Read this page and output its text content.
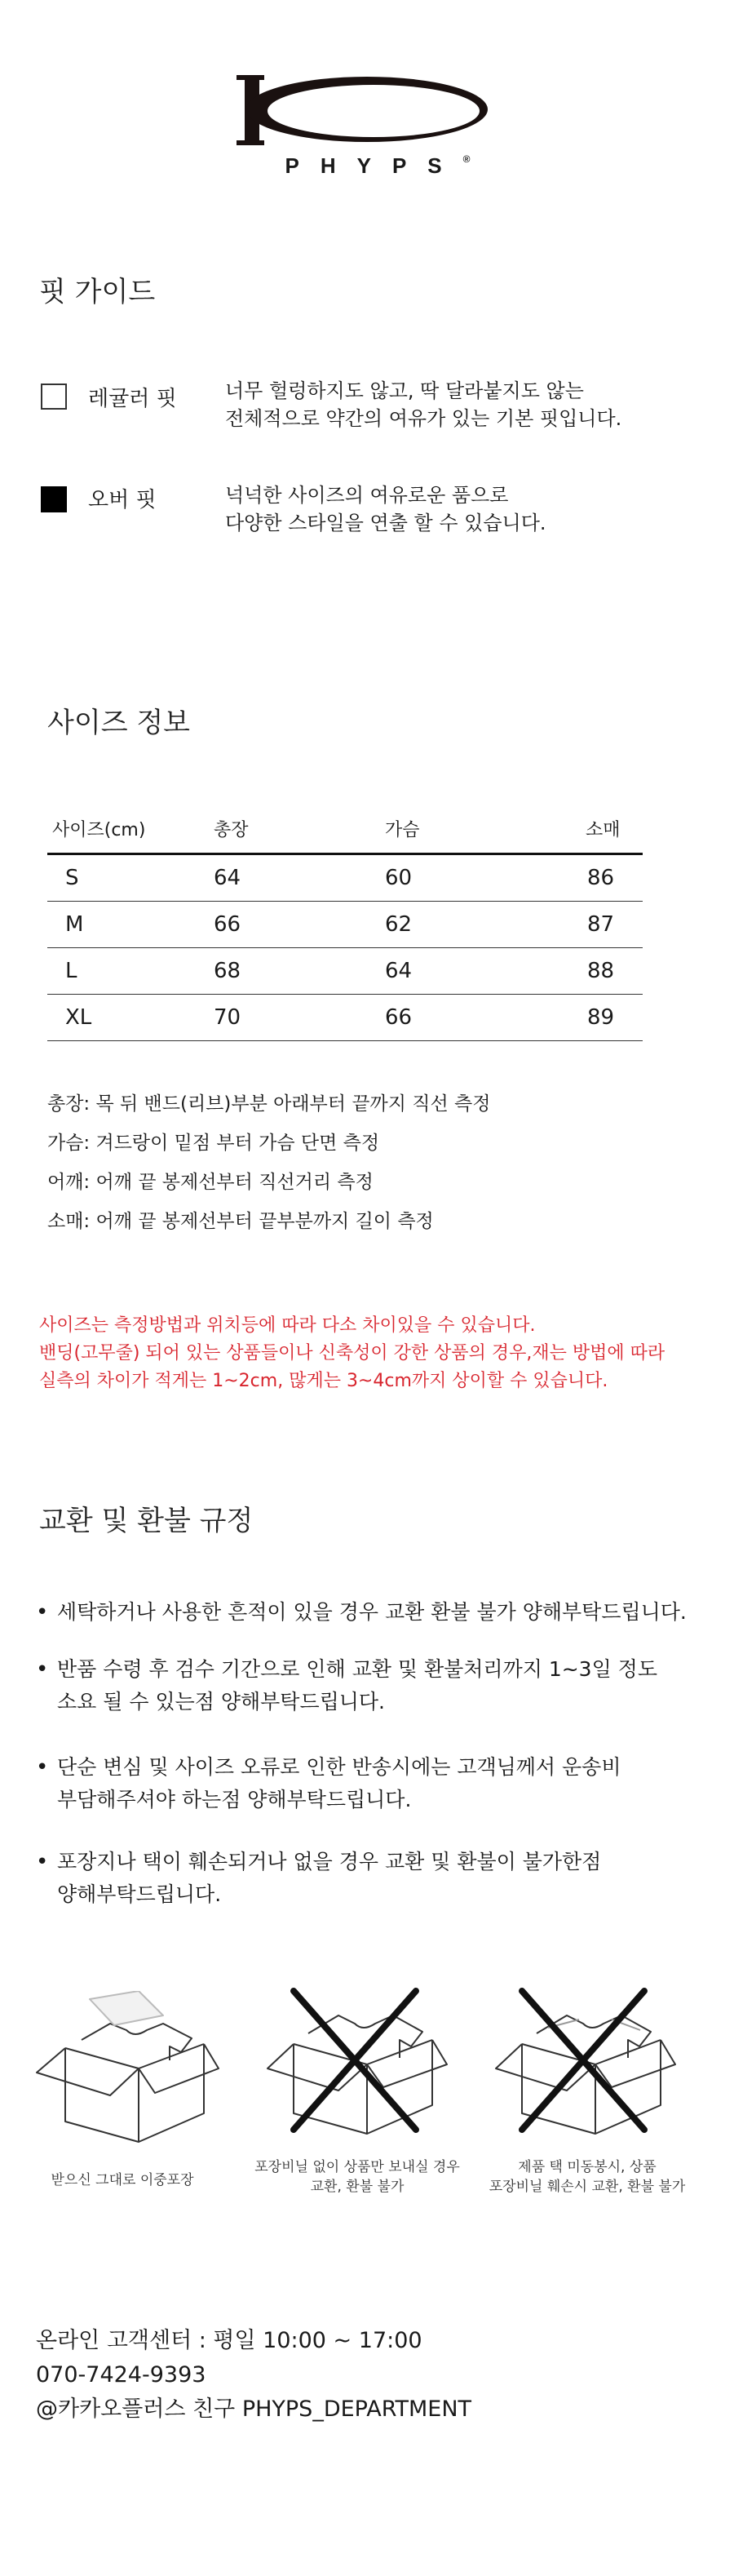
PHYPS®
핏 가이드
레귤러 핏 너무 헐렁하지도 않고, 딱 달라붙지도 않는
전체적으로 약간의 여유가 있는 기본 핏입니다.
오버 핏	넉넉한 사이즈의 여유로운 품으로
다양한 스타일을 연출 할 수 있습니다.
사이즈 정보
사이즈(cm)	총장	가슴	소매
S	64	60	86
M	66	62	87
L	68	64	88
XL	70	66	89
총장: 목 뒤 밴드(리브)부분 아래부터 끝까지 직선 측정
가슴: 겨드랑이 밑점 부터 가슴 단면 측정
어깨: 어깨 끝 봉제선부터 직선거리 측정
소매: 어깨 끝 봉제선부터 끝부분까지 길이 측정
사이즈는 측정방법과 위치등에 따라 다소 차이있을 수 있습니다.
밴딩(고무줄) 되어 있는 상품들이나 신축성이 강한 상품의 경우,재는 방법에 따라
실측의 차이가 적게는 1~2cm, 많게는 3~4cm까지 상이할 수 있습니다.
교환 및 환불 규정
• 세탁하거나 사용한 흔적이 있을 경우 교환 환불 불가 양해부탁드립니다.
• 반품 수령 후 검수 기간으로 인해 교환 및 환불처리까지 1~3일 정도
소요 될 수 있는점 양해부탁드립니다.
• 단순 변심 및 사이즈 오류로 인한 반송시에는 고객님께서 운송비
부담해주셔야 하는점 양해부탁드립니다.
• 포장지나 택이 훼손되거나 없을 경우 교환 및 환불이 불가한점
양해부탁드립니다.
받으신 그대로 이중포장
포장비닐 없이 상품만 보내실 경우
교환, 환불 불가
제품 택 미동봉시, 상품
포장비닐 훼손시 교환, 환불 불가
온라인 고객센터 : 평일 10:00 ~ 17:00
070-7424-9393
@카카오플러스 친구 PHYPS_DEPARTMENT
